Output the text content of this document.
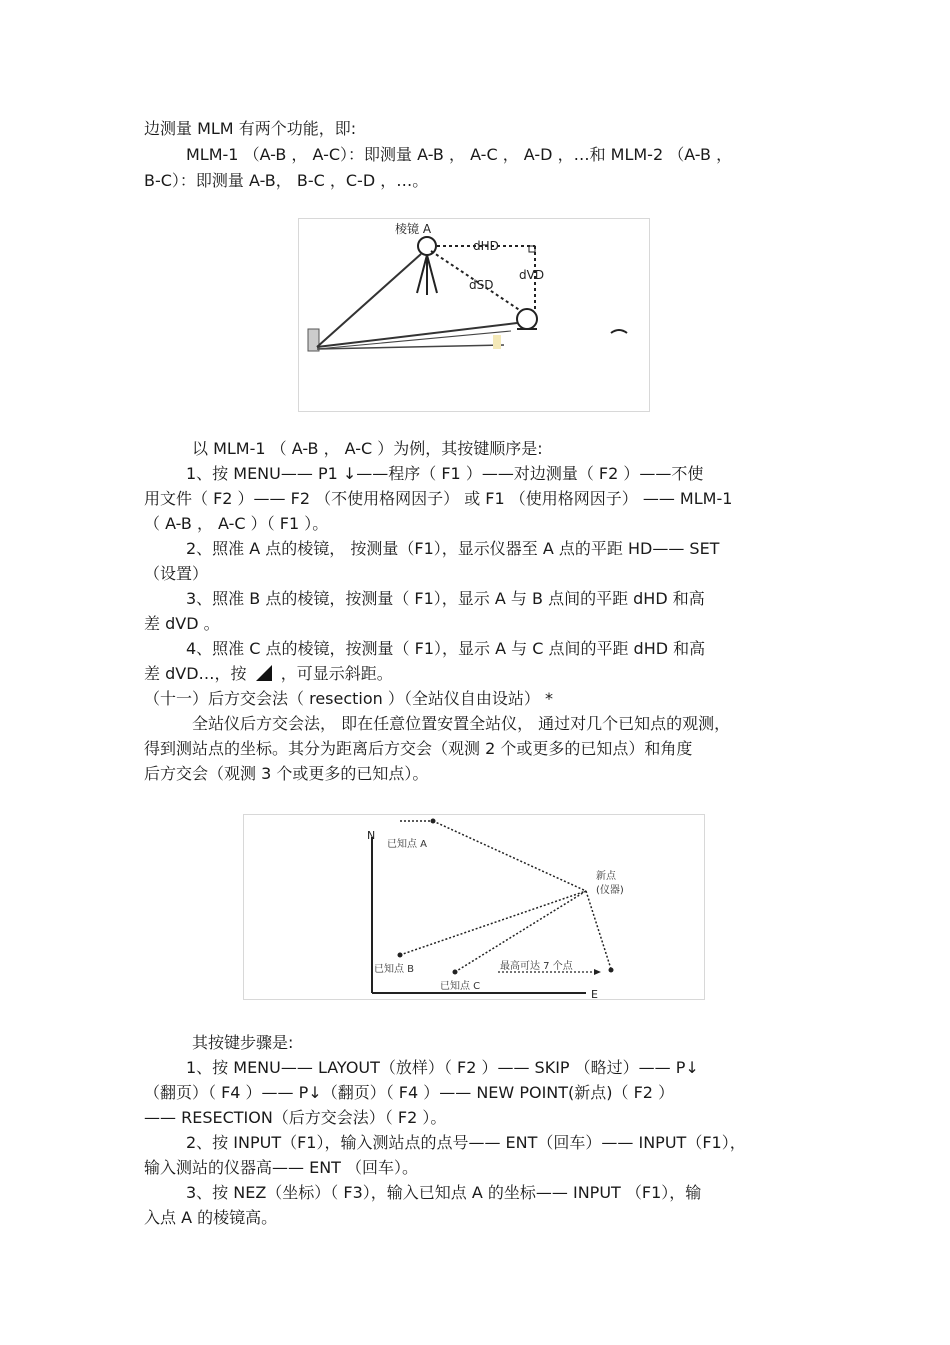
边测量 MLM 有两个功能，即:
MLM-1 （A-B ， A-C）：即测量 A-B ， A-C ， A-D ，…和 MLM-2 （A-B ，
B-C）：即测量 A-B， B-C ，C-D ，…。
棱镜 A
dHD
dVD
dSD
以 MLM-1 （ A-B ， A-C ）为例，其按键顺序是:
1、按 MENU—— P1 ↓——程序（ F1 ）——对边测量（ F2 ）——不使
用文件（ F2 ）—— F2 （不使用格网因子） 或 F1 （使用格网因子） —— MLM-1
（ A-B ， A-C ）（ F1 ）。
2、照准 A 点的棱镜， 按测量（F1），显示仪器至 A 点的平距 HD—— SET
（设置）
3、照准 B 点的棱镜，按测量（ F1），显示 A 与 B 点间的平距 dHD 和高
差 dVD 。
4、照准 C 点的棱镜，按测量（ F1），显示 A 与 C 点间的平距 dHD 和高
差 dVD…，按 ，可显示斜距。
（十一）后方交会法（ resection ）（全站仪自由设站） *
全站仪后方交会法， 即在任意位置安置全站仪， 通过对几个已知点的观测，
得到测站点的坐标。其分为距离后方交会（观测 2 个或更多的已知点）和角度
后方交会（观测 3 个或更多的已知点）。
N
E
已知点 A
新点
(仪器)
已知点 B
已知点 C
最高可达 7 个点
其按键步骤是:
1、按 MENU—— LAYOUT（放样）（ F2 ）—— SKIP （略过）—— P↓
（翻页）（ F4 ）—— P↓（翻页）（ F4 ）—— NEW POINT(新点)（ F2 ）
—— RESECTION（后方交会法）（ F2 ）。
2、按 INPUT（F1），输入测站点的点号—— ENT（回车）—— INPUT（F1），
输入测站的仪器高—— ENT （回车）。
3、按 NEZ（坐标）（ F3），输入已知点 A 的坐标—— INPUT （F1），输
入点 A 的棱镜高。
